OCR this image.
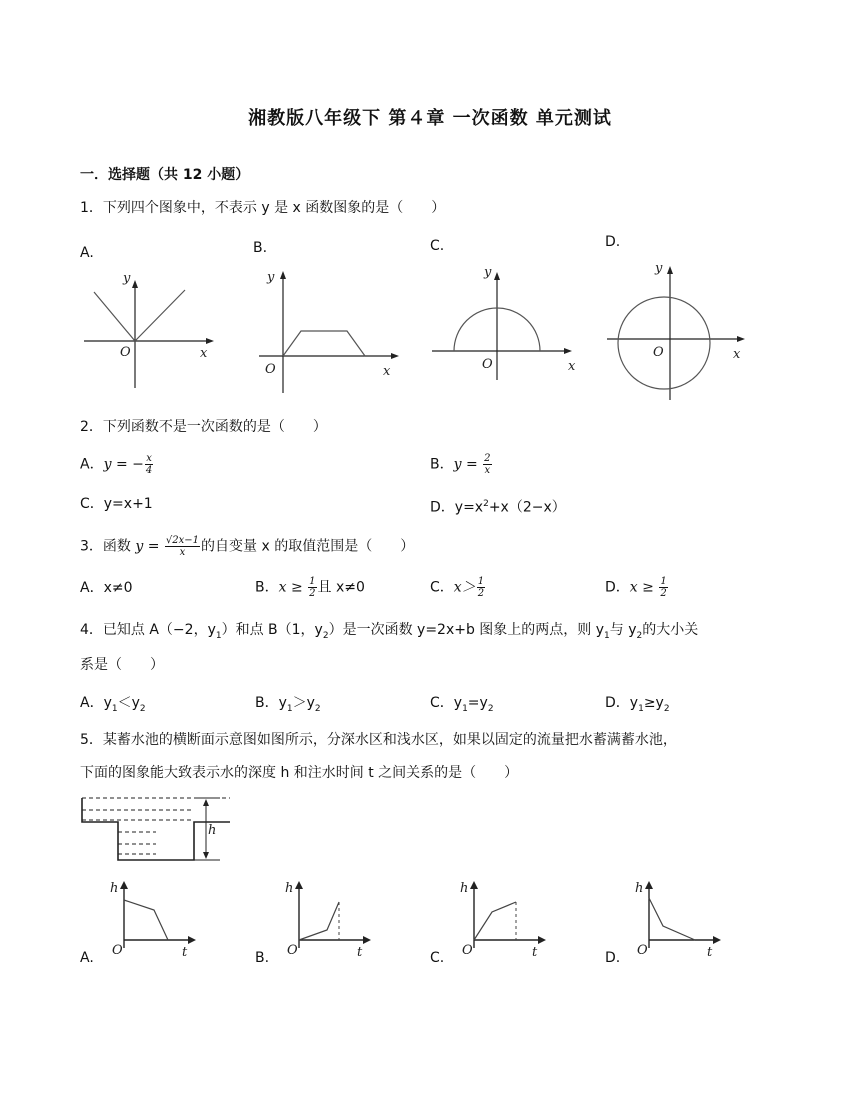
湘教版八年级下 第４章 一次函数 单元测试
一．选择题（共 12 小题）
1．下列四个图象中，不表示 y 是 x 函数图象的是（　　）
A.	B.	C.	D.
y
x
O
y
x
O
y
x
O
y
x
O
2．下列函数不是一次函数的是（　　）
A．y = − $\frac{x}{4}$	B．$y = \frac{2}{x}$
C．y=x+1	D．$y=x^2+x(2-x)$
3．函数 $y = \frac{√2x-1}{x}$ 的自变量 x 的取值范围是（　　）
A．x≠0	B．$x \ge \frac{1}{2}$ 且 x≠0	C．$x> \frac{1}{2}$	D．$x \ge \frac{1}{2}$
4．已知点 A（−2，$y_1$）和点 B（1，$y_2$）是一次函数 y=2x+b 图象上的两点，则 $y_1$与 $y_2$的大小关
系是（　　）
A．$y_1<y_2$	B．$y_1>y_2$	C．$y_1=y_2$	D．$y_1\ge y_2$
5．某蓄水池的横断面示意图如图所示，分深水区和浅水区，如果以固定的流量把水蓄满蓄水池，
下面的图象能大致表示水的深度 h 和注水时间 t 之间关系的是（　　）
h
A.	B.	C.	D.
h
O	t
h
O	t
h
O	t
h
O	t
